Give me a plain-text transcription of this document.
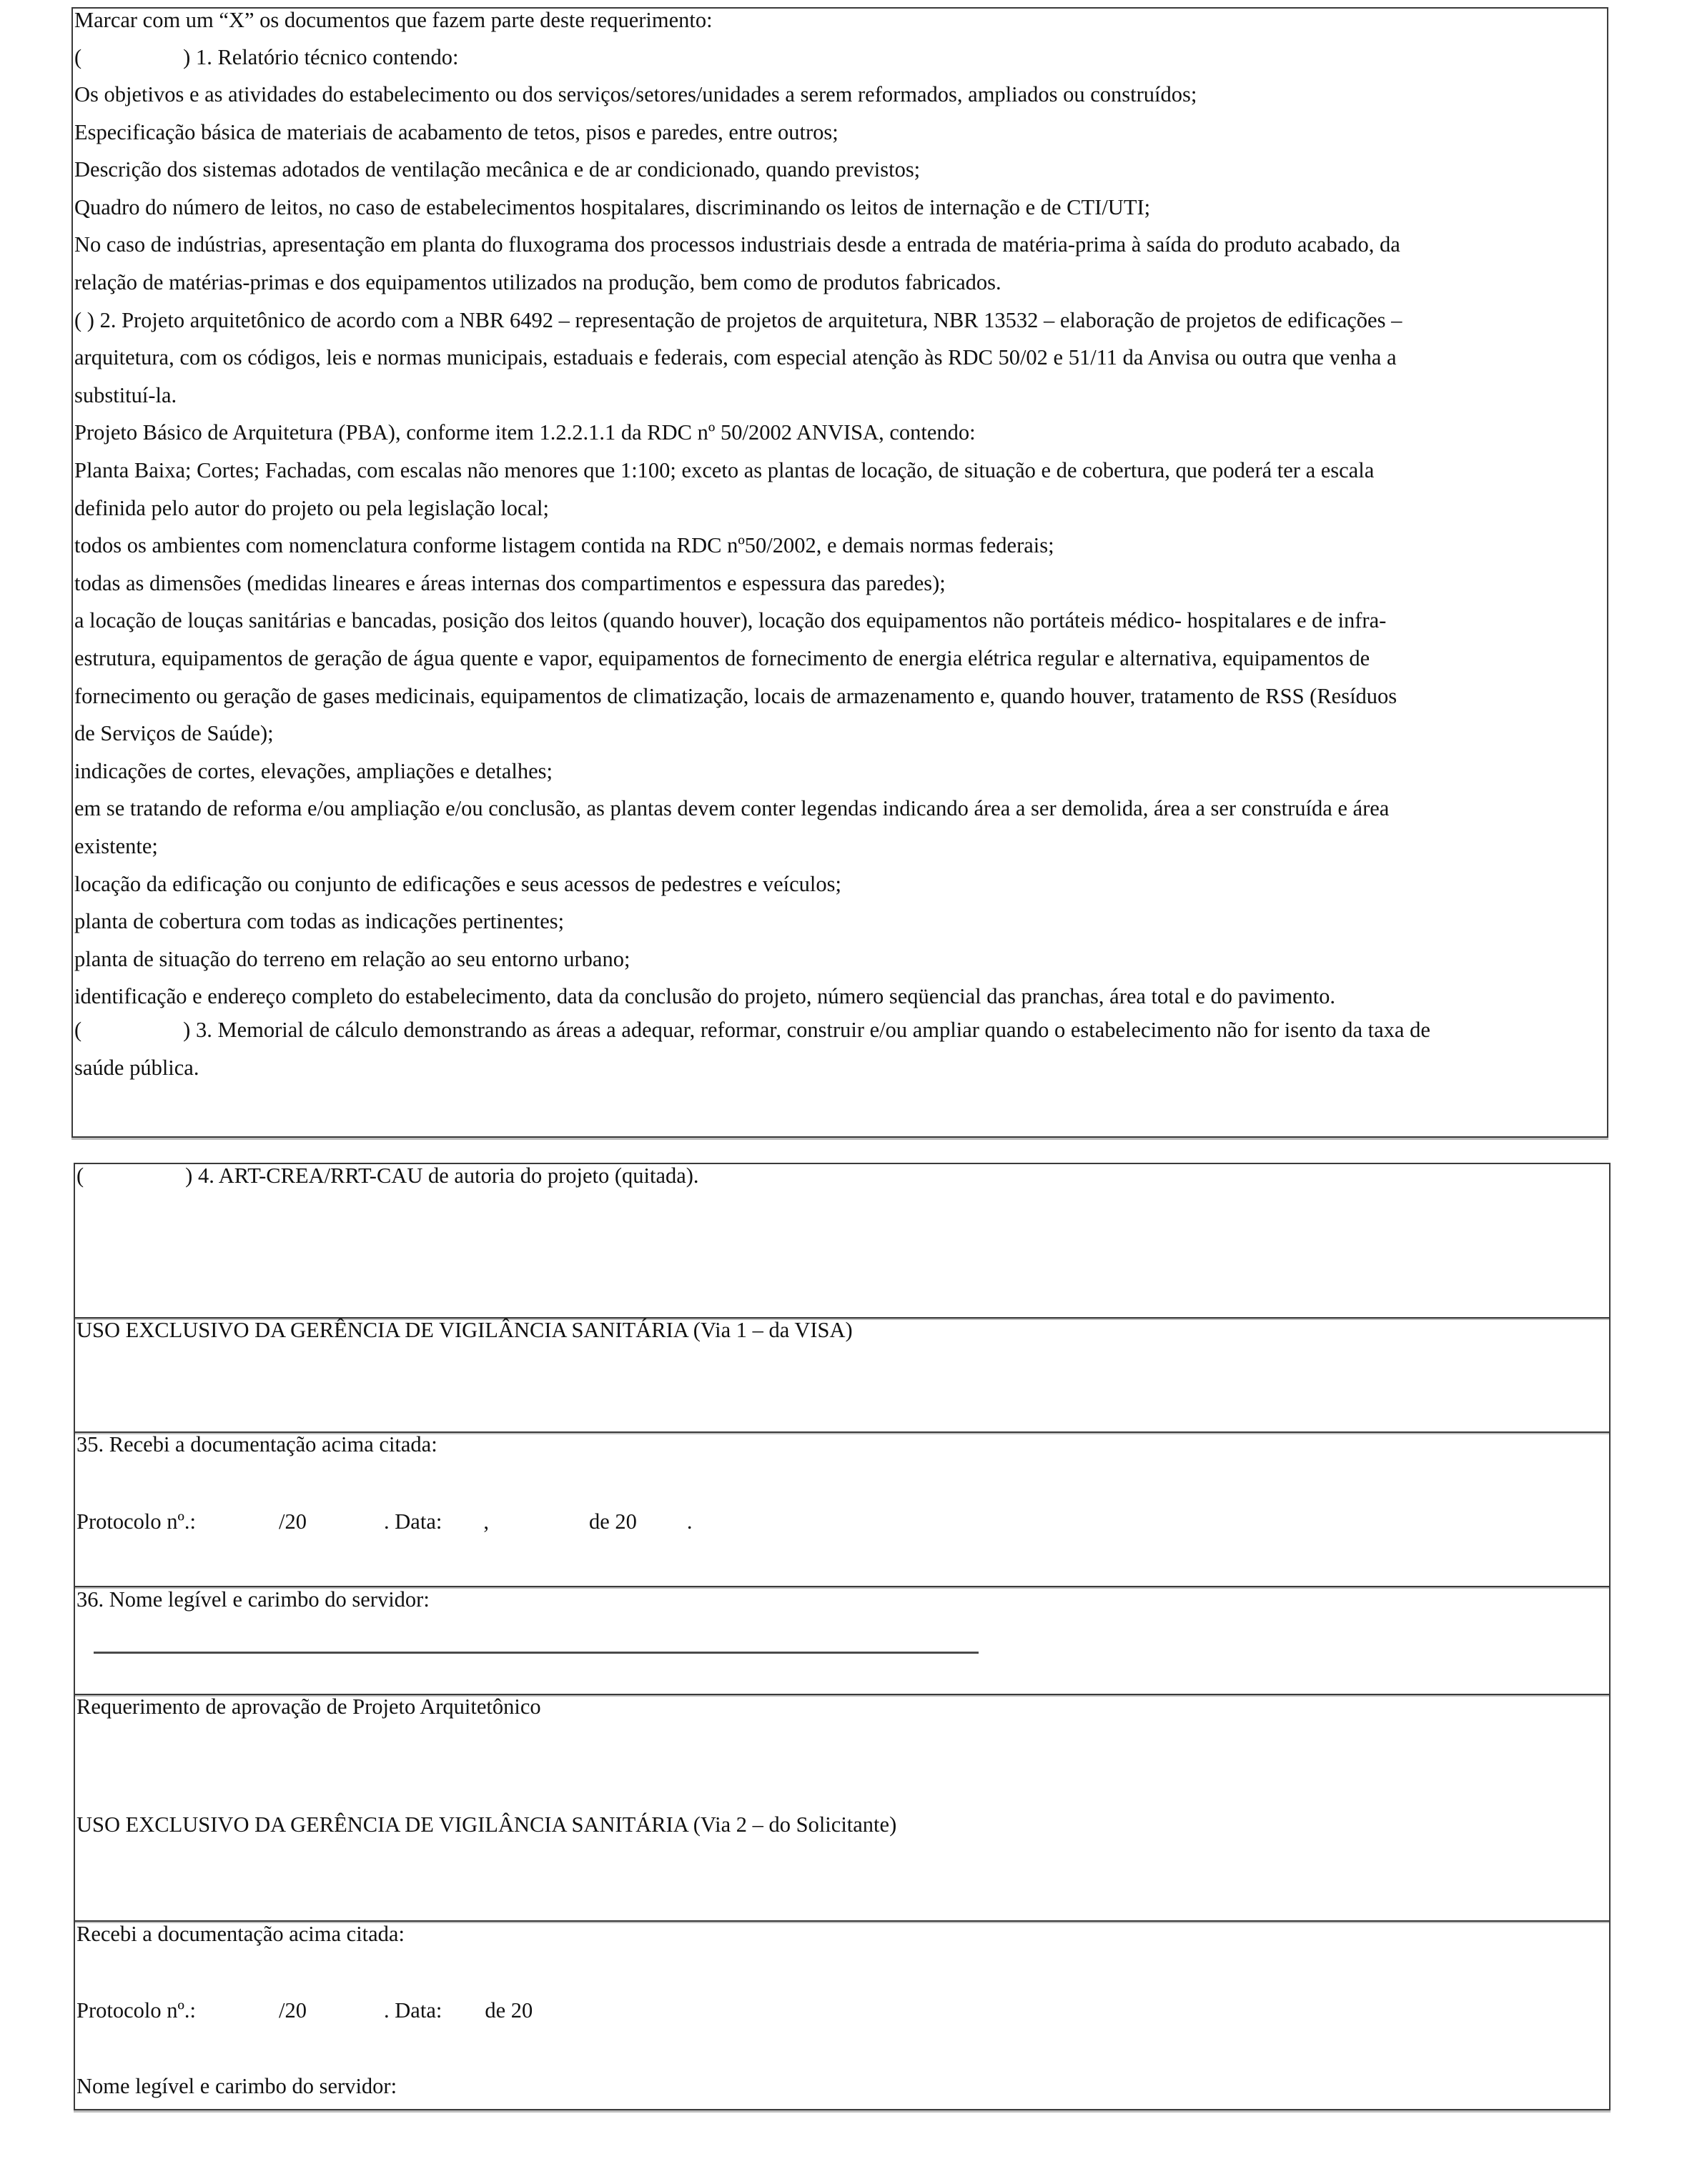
Marcar com um “X” os documentos que fazem parte deste requerimento:
(	) 1. Relatório técnico contendo:
Os objetivos e as atividades do estabelecimento ou dos serviços/setores/unidades a serem reformados, ampliados ou construídos;
Especificação básica de materiais de acabamento de tetos, pisos e paredes, entre outros;
Descrição dos sistemas adotados de ventilação mecânica e de ar condicionado, quando previstos;
Quadro do número de leitos, no caso de estabelecimentos hospitalares, discriminando os leitos de internação e de CTI/UTI;
No caso de indústrias, apresentação em planta do fluxograma dos processos industriais desde a entrada de matéria-prima à saída do produto acabado, da
relação de matérias-primas e dos equipamentos utilizados na produção, bem como de produtos fabricados.
( ) 2. Projeto arquitetônico de acordo com a NBR 6492 – representação de projetos de arquitetura, NBR 13532 – elaboração de projetos de edificações –
arquitetura, com os códigos, leis e normas municipais, estaduais e federais, com especial atenção às RDC 50/02 e 51/11 da Anvisa ou outra que venha a
substituí-la.
Projeto Básico de Arquitetura (PBA), conforme item 1.2.2.1.1 da RDC nº 50/2002 ANVISA, contendo:
Planta Baixa; Cortes; Fachadas, com escalas não menores que 1:100; exceto as plantas de locação, de situação e de cobertura, que poderá ter a escala
definida pelo autor do projeto ou pela legislação local;
todos os ambientes com nomenclatura conforme listagem contida na RDC nº50/2002, e demais normas federais;
todas as dimensões (medidas lineares e áreas internas dos compartimentos e espessura das paredes);
a locação de louças sanitárias e bancadas, posição dos leitos (quando houver), locação dos equipamentos não portáteis médico- hospitalares e de infra-
estrutura, equipamentos de geração de água quente e vapor, equipamentos de fornecimento de energia elétrica regular e alternativa, equipamentos de
fornecimento ou geração de gases medicinais, equipamentos de climatização, locais de armazenamento e, quando houver, tratamento de RSS (Resíduos
de Serviços de Saúde);
indicações de cortes, elevações, ampliações e detalhes;
em se tratando de reforma e/ou ampliação e/ou conclusão, as plantas devem conter legendas indicando área a ser demolida, área a ser construída e área
existente;
locação da edificação ou conjunto de edificações e seus acessos de pedestres e veículos;
planta de cobertura com todas as indicações pertinentes;
planta de situação do terreno em relação ao seu entorno urbano;
identificação e endereço completo do estabelecimento, data da conclusão do projeto, número seqüencial das pranchas, área total e do pavimento.
(	) 3. Memorial de cálculo demonstrando as áreas a adequar, reformar, construir e/ou ampliar quando o estabelecimento não for isento da taxa de
saúde pública.
(	) 4. ART-CREA/RRT-CAU de autoria do projeto (quitada).
USO EXCLUSIVO DA GERÊNCIA DE VIGILÂNCIA SANITÁRIA (Via 1 – da VISA)
35. Recebi a documentação acima citada:
Protocolo nº.:	/20	. Data: ,	de 20 .
36. Nome legível e carimbo do servidor:
Requerimento de aprovação de Projeto Arquitetônico
USO EXCLUSIVO DA GERÊNCIA DE VIGILÂNCIA SANITÁRIA (Via 2 – do Solicitante)
Recebi a documentação acima citada:
Protocolo nº.:	/20	. Data: de 20
Nome legível e carimbo do servidor:
